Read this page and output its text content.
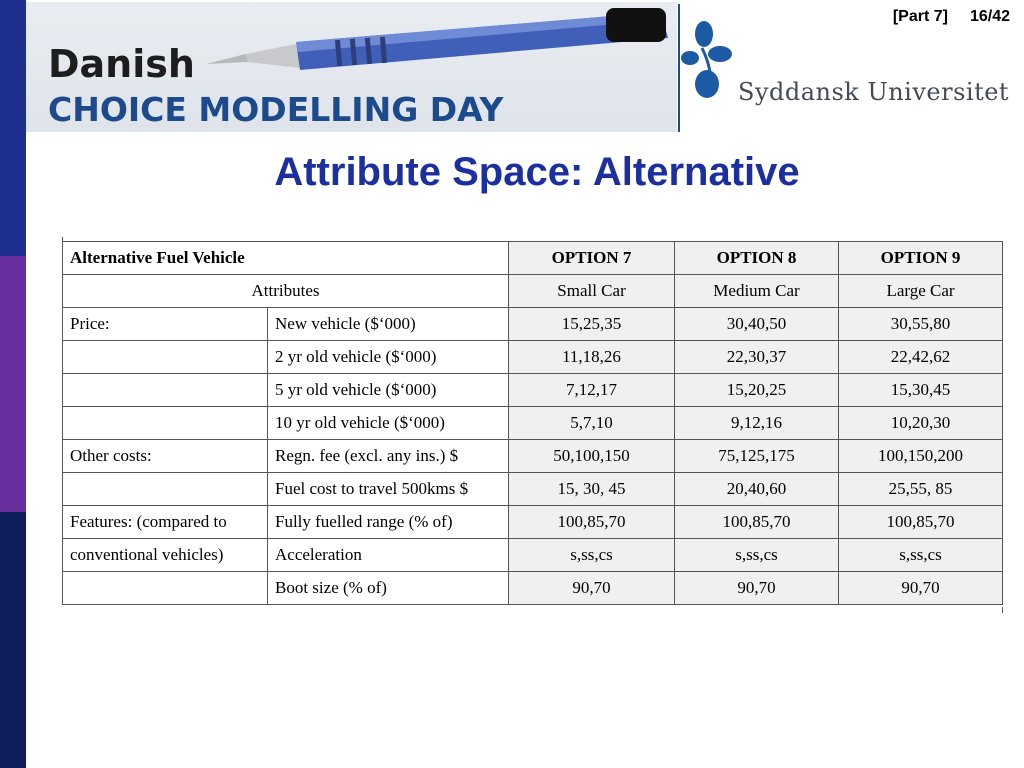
Danish
CHOICE MODELLING DAY	Syddansk Universitet
[Part 7] 16/42
Attribute Space: Alternative
Alternative Fuel Vehicle		OPTION 7	OPTION 8	OPTION 9
Attributes		Small Car	Medium Car	Large Car
Price:	New vehicle ($‘000)	15,25,35	30,40,50	30,55,80
	2 yr old vehicle ($‘000)	11,18,26	22,30,37	22,42,62
	5 yr old vehicle ($‘000)	7,12,17	15,20,25	15,30,45
	10 yr old vehicle ($‘000)	5,7,10	9,12,16	10,20,30
Other costs:	Regn. fee (excl. any ins.) $	50,100,150	75,125,175	100,150,200
	Fuel cost to travel 500kms $	15, 30, 45	20,40,60	25,55, 85
Features: (compared to	Fully fuelled range (% of)	100,85,70	100,85,70	100,85,70
conventional vehicles)	Acceleration	s,ss,cs	s,ss,cs	s,ss,cs
	Boot size (% of)	90,70	90,70	90,70
